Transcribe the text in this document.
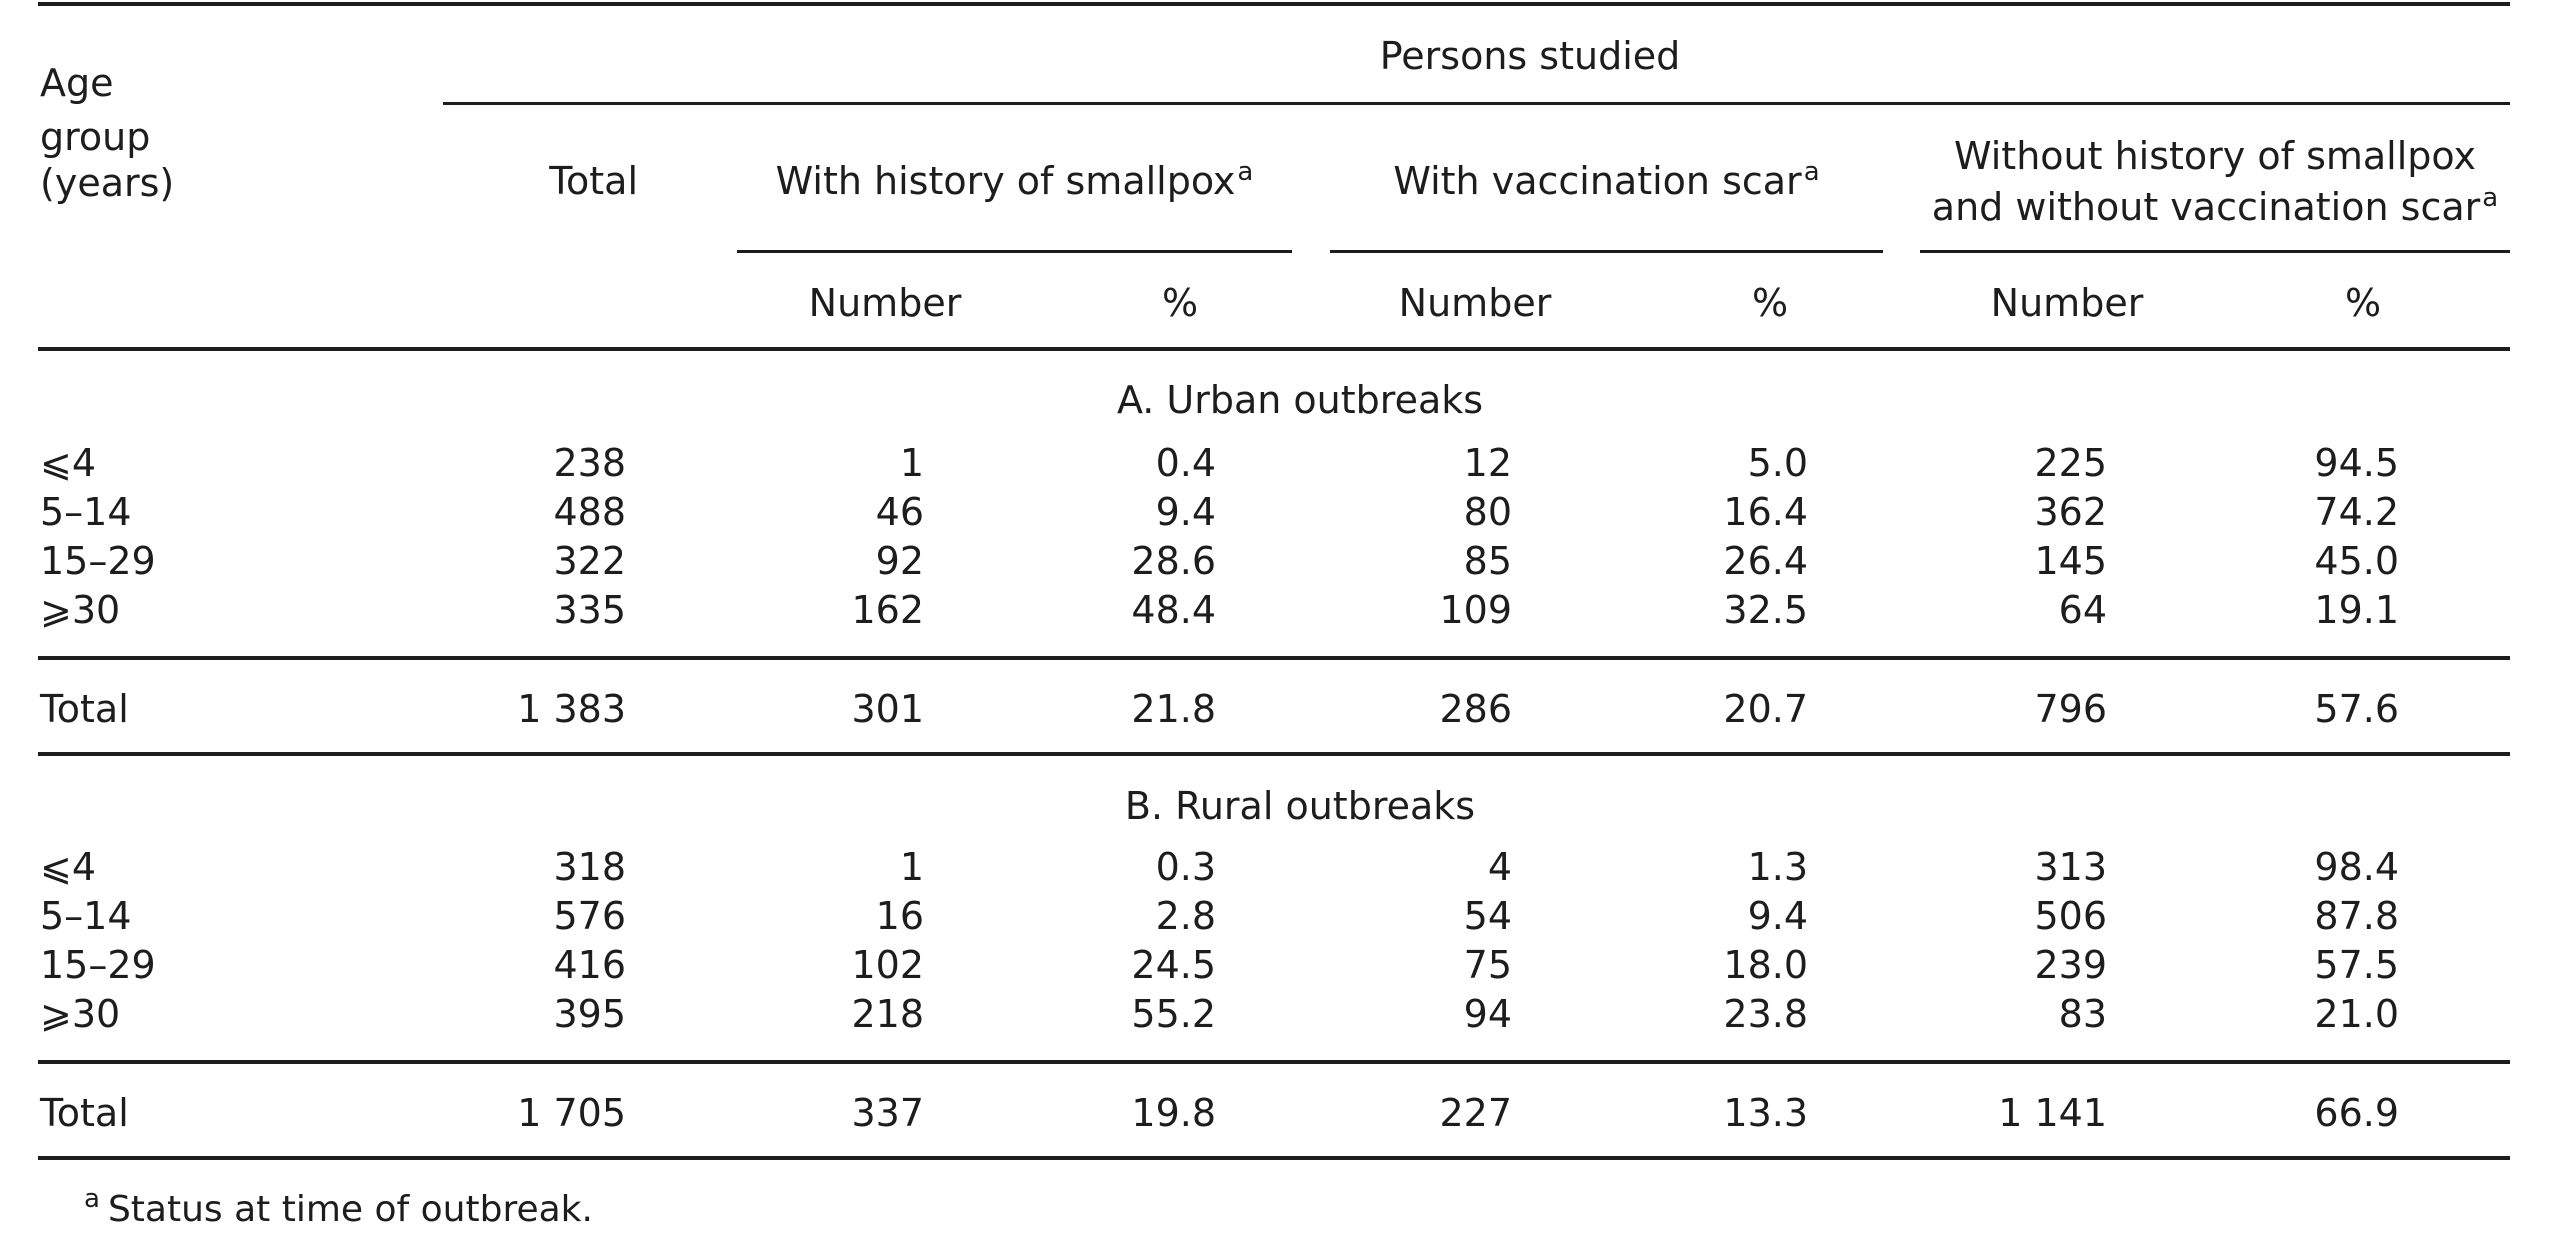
Age
group
(years)
Persons studied
Total	With history of smallpox$^a$	With vaccination scar$^a$	Without history of smallpox
and without vaccination scar$^a$
Number	%	Number	%	Number	%
A. Urban outbreaks
⩽4	238	1	0.4	12	5.0	225	94.5
5–14	488	46	9.4	80	16.4	362	74.2
15–29	322	92	28.6	85	26.4	145	45.0
⩾30	335	162	48.4	109	32.5	64	19.1
Total	1 383	301	21.8	286	20.7	796	57.6
B. Rural outbreaks
⩽4	318	1	0.3	4	1.3	313	98.4
5–14	576	16	2.8	54	9.4	506	87.8
15–29	416	102	24.5	75	18.0	239	57.5
⩾30	395	218	55.2	94	23.8	83	21.0
Total	1 705	337	19.8	227	13.3	1 141	66.9
$^a$ Status at time of outbreak.
